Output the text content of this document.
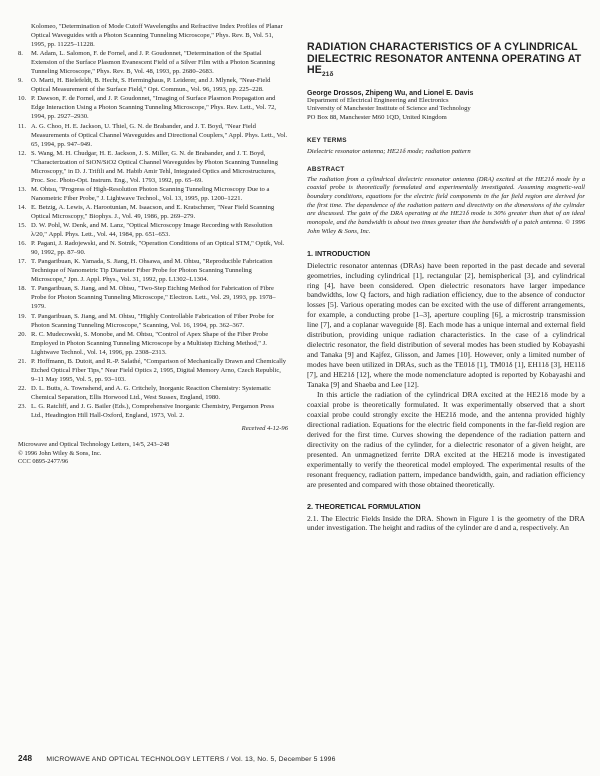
Kolomeo, "Determination of Mode Cutoff Wavelengths and Refractive Index Profiles of Planar Optical Waveguides with a Photon Scanning Tunneling Microscope," Phys. Rev. B, Vol. 51, 1995, pp. 11225–11228.
8. M. Adam, L. Salomon, F. de Fornel, and J. P. Goudonnet, "Determination of the Spatial Extension of the Surface Plasmon Evanescent Field of a Silver Film with a Photon Scanning Tunneling Microscope," Phys. Rev. B, Vol. 48, 1993, pp. 2680–2683.
9. O. Marti, H. Bielefeldt, B. Hecht, S. Herminghaus, P. Leiderer, and J. Mlynek, "Near-Field Optical Measurement of the Surface Field," Opt. Commun., Vol. 96, 1993, pp. 225–228.
10. P. Dawson, F. de Fornel, and J. P. Goudonnet, "Imaging of Surface Plasmon Propagation and Edge Interaction Using a Photon Scanning Tunneling Microscope," Phys. Rev. Lett., Vol. 72, 1994, pp. 2927–2930.
11. A. G. Choo, H. E. Jackson, U. Thiel, G. N. de Brabander, and J. T. Boyd, "Near Field Measurements of Optical Channel Waveguides and Directional Couplers," Appl. Phys. Lett., Vol. 65, 1994, pp. 947–949.
12. S. Wang, M. H. Chudgar, H. E. Jackson, J. S. Miller, G. N. de Brabander, and J. T. Boyd, "Characterization of SiON/SiO2 Optical Channel Waveguides by Photon Scanning Tunneling Microscopy," in D. J. Trifili and M. Habib Amir Tehl, Integrated Optics and Microstructures, Proc. Soc. Photo-Opt. Instrum. Eng., Vol. 1793, 1992, pp. 65–69.
13. M. Ohtsu, "Progress of High-Resolution Photon Scanning Tunneling Microscopy Due to a Nanometric Fiber Probe," J. Lightwave Technol., Vol. 13, 1995, pp. 1200–1221.
14. E. Betzig, A. Lewis, A. Harootunian, M. Isaacson, and E. Kratschmer, "Near Field Scanning Optical Microscopy," Biophys. J., Vol. 49, 1986, pp. 269–279.
15. D. W. Pohl, W. Denk, and M. Lanz, "Optical Microscopy Image Recording with Resolution λ/20," Appl. Phys. Lett., Vol. 44, 1984, pp. 651–653.
16. P. Pagani, J. Radojewski, and N. Sotnik, "Operation Conditions of an Optical STM," Optik, Vol. 90, 1992, pp. 87–90.
17. T. Pangaribuan, K. Yamada, S. Jiang, H. Ohsawa, and M. Ohtsu, "Reproducible Fabrication Technique of Nanometric Tip Diameter Fiber Probe for Photon Scanning Tunneling Microscope," Jpn. J. Appl. Phys., Vol. 31, 1992, pp. L1302–L1304.
18. T. Pangaribuan, S. Jiang, and M. Ohtsu, "Two-Step Etching Method for Fabrication of Fibre Probe for Photon Scanning Tunneling Microscope," Electron. Lett., Vol. 29, 1993, pp. 1978–1979.
19. T. Pangaribuan, S. Jiang, and M. Ohtsu, "Highly Controllable Fabrication of Fiber Probe for Photon Scanning Tunneling Microscope," Scanning, Vol. 16, 1994, pp. 362–367.
20. R. C. Mudecowski, S. Monobe, and M. Ohtsu, "Control of Apex Shape of the Fiber Probe Employed in Photon Scanning Tunneling Microscope by a Multistep Etching Method," J. Lightwave Technol., Vol. 14, 1996, pp. 2308–2313.
21. P. Hoffmann, B. Dutoit, and R.-P. Salathé, "Comparison of Mechanically Drawn and Chemically Etched Optical Fiber Tips," Near Field Optics 2, 1995, Digital Memory Arno, Czech Republic, 9–11 May 1995, Vol. 5, pp. 93–103.
22. D. L. Butts, A. Townshend, and A. G. Critchely, Inorganic Reaction Chemistry: Systematic Chemical Separation, Ellis Horwood Ltd., West Sussex, England, 1980.
23. L. G. Ratcliff, and J. G. Bailer (Eds.), Comprehensive Inorganic Chemistry, Pergamon Press Ltd., Headington Hill Hall-Oxford, England, 1973, Vol. 2.
Received 4-12-96
Microwave and Optical Technology Letters, 14/5, 243–248
© 1996 John Wiley & Sons, Inc.
CCC 0895-2477/96
RADIATION CHARACTERISTICS OF A CYLINDRICAL DIELECTRIC RESONATOR ANTENNA OPERATING AT $HE_{21\delta}$
George Drossos, Zhipeng Wu, and Lionel E. Davis
Department of Electrical Engineering and Electronics
University of Manchester Institute of Science and Technology
PO Box 88, Manchester M60 1QD, United Kingdom
KEY TERMS
Dielectric resonator antenna; HE21δ mode; radiation pattern
ABSTRACT
The radiation from a cylindrical dielectric resonator antenna (DRA) excited at the HE21δ mode by a coaxial probe is theoretically formulated and experimentally investigated. Assuming magnetic-wall boundary conditions, equations for the electric field components in the far field region are derived for the first time. The dependence of the radiation pattern and directivity on the dimensions of the cylinder are discussed. The gain of the DRA operating at the HE21δ mode is 30% greater than that of an ideal monopole, and the bandwidth is about two times greater than the bandwidth of a patch antenna. © 1996 John Wiley & Sons, Inc.
1. INTRODUCTION

Dielectric resonator antennas (DRAs) have been reported in the past decade and several geometries, including cylindrical [1], rectangular [2], hemispherical [3], and cylindrical ring [4], have been considered. Open dielectric resonators have larger impedance bandwidths, low Q factors, and high radiation efficiency, due to the absence of conductor losses [5]. Various operating modes can be excited with the use of different arrangements, for example, a conducting probe [1–3], aperture coupling [6], a microstrip transmission line [7], and a coplanar waveguide [8]. Each mode has a unique internal and external field distribution, providing unique radiation characteristics. In the case of a cylindrical dielectric resonator, the field distribution of several modes has been studied by Kobayashi and Tanaka [9] and Kajfez, Glisson, and James [10]. However, only a limited number of modes have been utilized in DRAs, such as the TE01δ [1], TM01δ [1], EH11δ [3], HE11δ [7], and HE21δ [12], where the mode nomenclature adopted is reported by Kobayashi and Tanaka [9] and Shaeba and Lee [12].

In this article the radiation of the cylindrical DRA excited at the HE21δ mode by a coaxial probe is theoretically formulated. It was experimentally observed that a short coaxial probe could strongly excite the HE21δ mode, and the antenna provided highly directional radiation. Equations for the electric field components in the far-field region are derived for the first time. Curves showing the dependence of the radiation pattern and directivity on the radius of the cylinder, for a dielectric resonator of a given height, are presented. An unmagnetized ferrite DRA excited at the HE21δ mode is investigated experimentally to verify the theoretical model employed. The experimental results of the resonant frequency, radiation pattern, impedance bandwidth, gain, and radiation efficiency are presented and compared with those obtained theoretically.

2. THEORETICAL FORMULATION

2.1. The Electric Fields Inside the DRA. Shown in Figure 1 is the geometry of the DRA under investigation. The height and radius of the cylinder are d and a, respectively. An

248 MICROWAVE AND OPTICAL TECHNOLOGY LETTERS / Vol. 13, No. 5, December 5 1996
